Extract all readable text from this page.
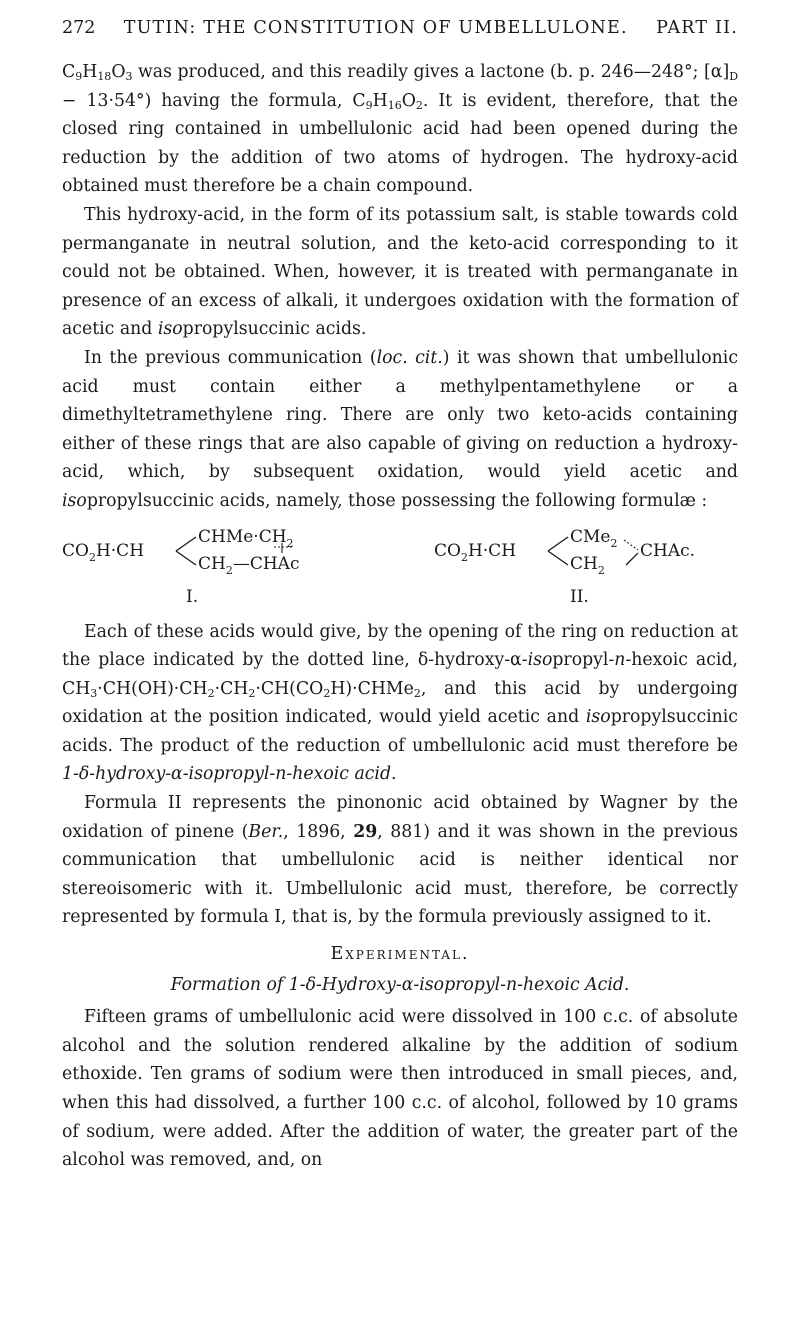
272 TUTIN: THE CONSTITUTION OF UMBELLULONE. PART II.

$C_9H_{18}O_3$ was produced, and this readily gives a lactone (b. p. 246—248°; $[\alpha]_D - 13\cdot 54^\circ$) having the formula, $C_9H_{16}O_2$. It is evident, therefore, that the closed ring contained in umbellulonic acid had been opened during the reduction by the addition of two atoms of hydrogen. The hydroxy-acid obtained must therefore be a chain compound.

This hydroxy-acid, in the form of its potassium salt, is stable towards cold permanganate in neutral solution, and the keto-acid corresponding to it could not be obtained. When, however, it is treated with permanganate in presence of an excess of alkali, it undergoes oxidation with the formation of acetic and isopropylsuccinic acids.

In the previous communication (loc. cit.) it was shown that umbellulonic acid must contain either a methylpentamethylene or a dimethyltetramethylene ring. There are only two keto-acids containing either of these rings that are also capable of giving on reduction a hydroxy-acid, which, by subsequent oxidation, would yield acetic and isopropylsuccinic acids, namely, those possessing the following formulæ :

$CO_2H\cdot CH$
$CHMe\cdot CH_2$
$CH_2—CHAc$
I.
$CO_2H\cdot CH$
CMe$_2$ CHAc.
$CH_2$
II.

Each of these acids would give, by the opening of the ring on reduction at the place indicated by the dotted line, δ-hydroxy-α-isopropyl-n-hexoic acid, $CH_3\cdot CH(OH)\cdot CH_2\cdot CH_2\cdot CH(CO_2H)\cdot CHMe_2$, and this acid by undergoing oxidation at the position indicated, would yield acetic and isopropylsuccinic acids. The product of the reduction of umbellulonic acid must therefore be 1-δ-hydroxy-α-isopropyl-n-hexoic acid.

Formula II represents the pinononic acid obtained by Wagner by the oxidation of pinene (Ber., 1896, 29, 881) and it was shown in the previous communication that umbellulonic acid is neither identical nor stereoisomeric with it. Umbellulonic acid must, therefore, be correctly represented by formula I, that is, by the formula previously assigned to it.

Experimental.

Formation of 1-δ-Hydroxy-α-isopropyl-n-hexoic Acid.

Fifteen grams of umbellulonic acid were dissolved in 100 c.c. of absolute alcohol and the solution rendered alkaline by the addition of sodium ethoxide. Ten grams of sodium were then introduced in small pieces, and, when this had dissolved, a further 100 c.c. of alcohol, followed by 10 grams of sodium, were added. After the addition of water, the greater part of the alcohol was removed, and, on
